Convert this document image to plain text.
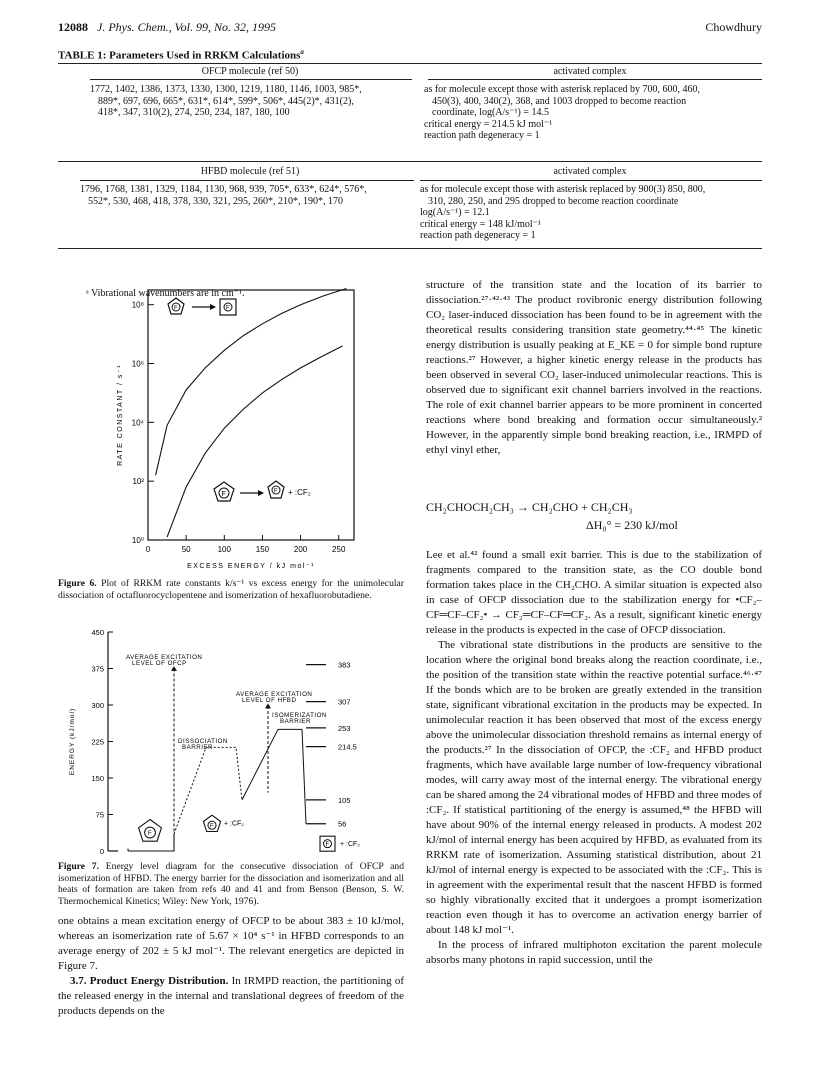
12088 J. Phys. Chem., Vol. 99, No. 32, 1995	Chowdhury
TABLE 1: Parameters Used in RRKM Calculations$^a$
OFCP molecule (ref 50)	activated complex
1772, 1402, 1386, 1373, 1330, 1300, 1219, 1180, 1146, 1003, 985*,
889*, 697, 696, 665*, 631*, 614*, 599*, 506*, 445(2)*, 431(2),
418*, 347, 310(2), 274, 250, 234, 187, 180, 100
as for molecule except those with asterisk replaced by 700, 600, 460,
450(3), 400, 340(2), 368, and 1003 dropped to become reaction
coordinate, log(A/s⁻¹) = 14.5
critical energy = 214.5 kJ mol⁻¹
reaction path degeneracy = 1
HFBD molecule (ref 51)	activated complex
1796, 1768, 1381, 1329, 1184, 1130, 968, 939, 705*, 633*, 624*, 576*,
552*, 530, 468, 418, 378, 330, 321, 295, 260*, 210*, 190*, 170
as for molecule except those with asterisk replaced by 900(3) 850, 800,
310, 280, 250, and 295 dropped to become reaction coordinate
log(A/s⁻¹) = 12.1
critical energy = 148 kJ/mol⁻¹
reaction path degeneracy = 1
ᵃ Vibrational wavenumbers are in cm⁻¹.
0	50	100	150	200	250
10⁰
10²
10⁴
10⁶
10⁸
EXCESS ENERGY / kJ mol⁻¹
RATE CONSTANT / s⁻¹
F	F
F	F + :CF₂
Figure 6. Plot of RRKM rate constants k/s⁻¹ vs excess energy for the unimolecular dissociation of octafluorocyclopentene and isomerization of hexafluorobutadiene.
0
75
150
225
300
375
450
ENERGY (kJ/mol)
383
307
253
214.5
105
56
AVERAGE EXCITATION
LEVEL OF OFCP
AVERAGE EXCITATION
LEVEL OF HFBD
ISOMERIZATION
BARRIER
DISSOCIATION
BARRIER
F
F + :CF₂
F + :CF₂
Figure 7. Energy level diagram for the consecutive dissociation of OFCP and isomerization of HFBD. The energy barrier for the dissociation and isomerization and all heats of formation are taken from refs 40 and 41 and from Benson (Benson, S. W. Thermochemical Kinetics; Wiley: New York, 1976).

one obtains a mean excitation energy of OFCP to be about 383 ± 10 kJ/mol, whereas an isomerization rate of 5.67 × 10⁴ s⁻¹ in HFBD corresponds to an average energy of 202 ± 5 kJ mol⁻¹. The relevant energetics are depicted in Figure 7.

3.7. Product Energy Distribution. In IRMPD reaction, the partitioning of the released energy in the internal and translational degrees of freedom of the products depends on the

structure of the transition state and the location of its barrier to dissociation.²⁷·⁴²·⁴³ The product rovibronic energy distribution following CO₂ laser-induced dissociation has been found to be in agreement with the theoretical results considering transition state geometry.⁴⁴·⁴⁵ The kinetic energy distribution is usually peaking at E_KE = 0 for simple bond rupture reactions.²⁷ However, a higher kinetic energy release in the products has been observed in several CO₂ laser-induced unimolecular reactions. This is observed due to significant exit channel barriers involved in the reactions. The role of exit channel barrier appears to be more prominent in concerted reactions where bond breaking and formation occur simultaneously.² However, in the apparently simple bond breaking reaction, i.e., IRMPD of ethyl vinyl ether,

CH₂CHOCH₂CH₃ → CH₂CHO + CH₂CH₃
ΔH₀° = 230 kJ/mol

Lee et al.⁴² found a small exit barrier. This is due to the stabilization of fragments compared to the transition state, as the CO double bond formation takes place in the CH₂CHO. A similar situation is expected also in case of OFCP dissociation due to the stabilization energy for •CF₂–CF═CF–CF₂• → CF₂═CF–CF═CF₂. As a result, significant kinetic energy release in the products is expected in the case of OFCP dissociation.

The vibrational state distributions in the products are sensitive to the location where the original bond breaks along the reaction coordinate, i.e., the position of the transition state within the reactive potential surface.⁴⁶·⁴⁷ If the bonds which are to be broken are greatly extended in the transition state, significant vibrational excitation in the products may be expected. In unimolecular reaction it has been observed that most of the excess energy above the unimolecular dissociation threshold remains as internal energy of the products.²⁷ In the dissociation of OFCP, the :CF₂ and HFBD product fragments, which have available large number of low-frequency vibrational modes, will carry away most of the internal energy. The vibrational energy can be shared among the 24 vibrational modes of HFBD and three modes of :CF₂. If statistical partitioning of the energy is assumed,⁴⁸ the HFBD will have about 90% of the internal energy released in products. A modest 202 kJ/mol of internal energy has been acquired by HFBD, as evaluated from its RRKM rate of isomerization. Assuming statistical distribution, about 21 kJ/mol of internal energy is expected to be associated with the :CF₂. This is in agreement with the experimental result that the nascent HFBD is formed so highly vibrationally excited that it undergoes a prompt isomerization reaction even though it has to overcome an activation energy barrier of about 148 kJ mol⁻¹.

In the process of infrared multiphoton excitation the parent molecule absorbs many photons in rapid succession, until the
